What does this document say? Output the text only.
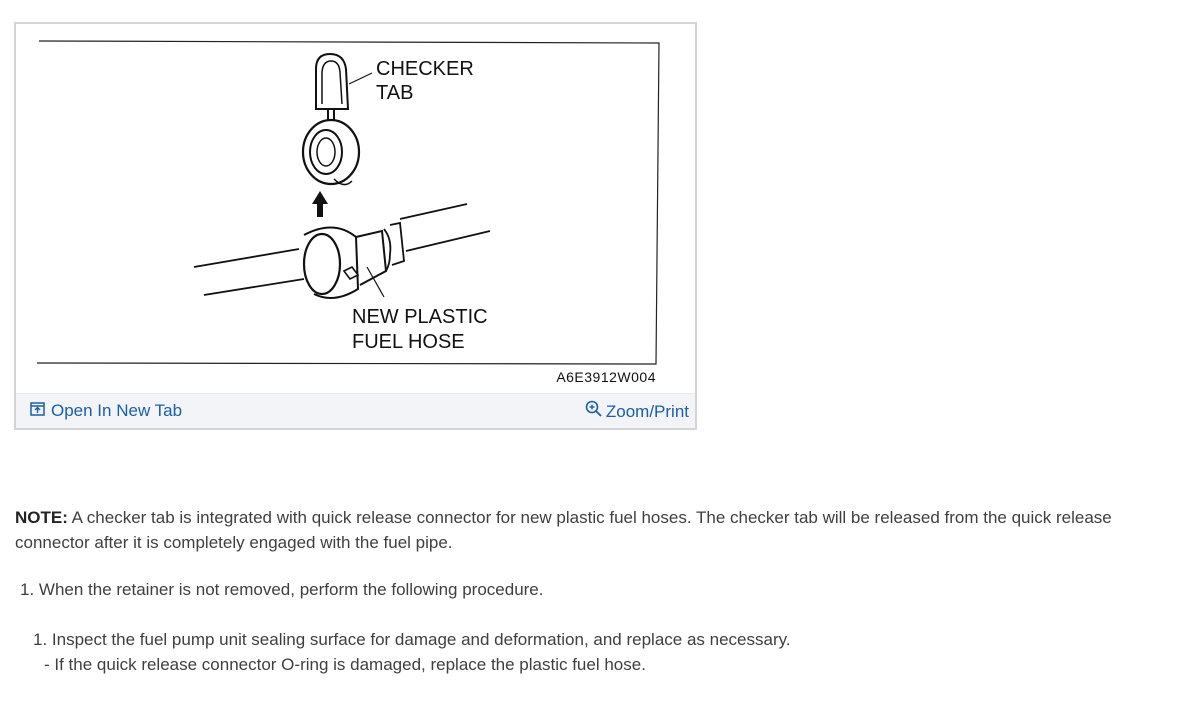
CHECKER
TAB
NEW PLASTIC
FUEL HOSE
A6E3912W004
Open In New Tab	Zoom/Print
NOTE: A checker tab is integrated with quick release connector for new plastic fuel hoses. The checker tab will be released from the quick release connector after it is completely engaged with the fuel pipe.
1. When the retainer is not removed, perform the following procedure.
1. Inspect the fuel pump unit sealing surface for damage and deformation, and replace as necessary.
- If the quick release connector O-ring is damaged, replace the plastic fuel hose.
